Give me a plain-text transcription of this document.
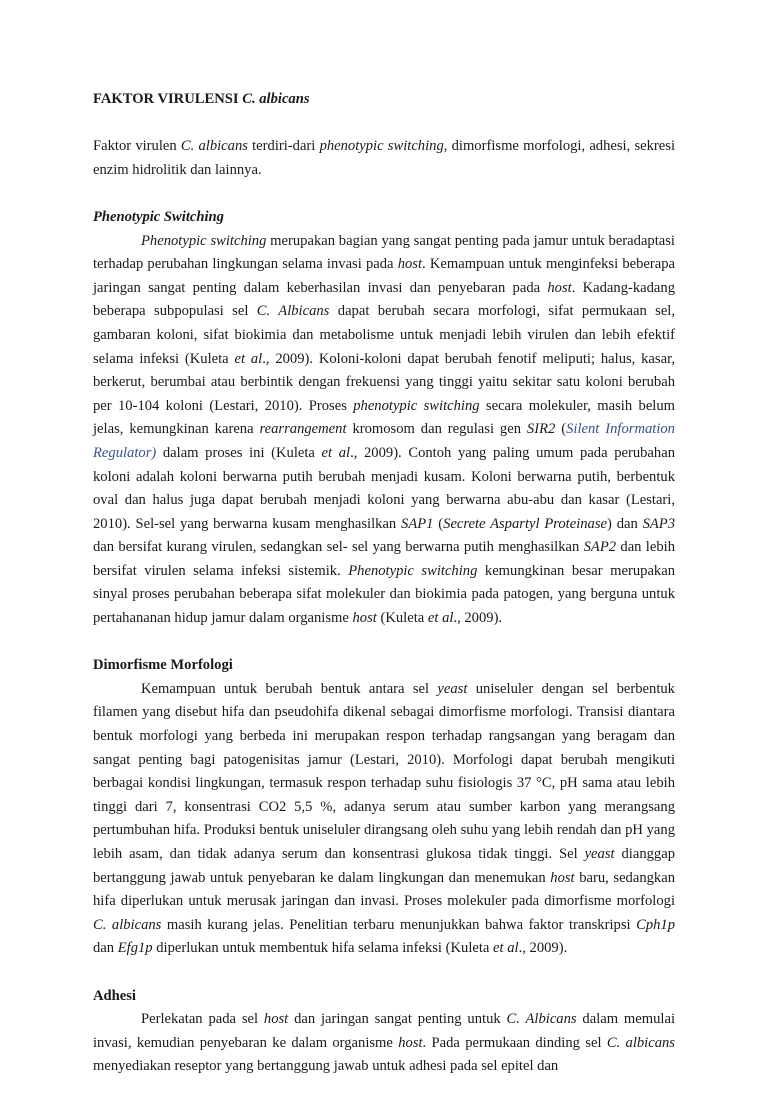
FAKTOR VIRULENSI C. albicans

Faktor virulen C. albicans terdiri-dari phenotypic switching, dimorfisme morfologi, adhesi, sekresi enzim hidrolitik dan lainnya.

Phenotypic Switching

Phenotypic switching merupakan bagian yang sangat penting pada jamur untuk beradaptasi terhadap perubahan lingkungan selama invasi pada host. Kemampuan untuk menginfeksi beberapa jaringan sangat penting dalam keberhasilan invasi dan penyebaran pada host. Kadang-kadang beberapa subpopulasi sel C. Albicans dapat berubah secara morfologi, sifat permukaan sel, gambaran koloni, sifat biokimia dan metabolisme untuk menjadi lebih virulen dan lebih efektif selama infeksi (Kuleta et al., 2009). Koloni-koloni dapat berubah fenotif meliputi; halus, kasar, berkerut, berumbai atau berbintik dengan frekuensi yang tinggi yaitu sekitar satu koloni berubah per 10-104 koloni (Lestari, 2010). Proses phenotypic switching secara molekuler, masih belum jelas, kemungkinan karena rearrangement kromosom dan regulasi gen SIR2 (Silent Information Regulator) dalam proses ini (Kuleta et al., 2009). Contoh yang paling umum pada perubahan koloni adalah koloni berwarna putih berubah menjadi kusam. Koloni berwarna putih, berbentuk oval dan halus juga dapat berubah menjadi koloni yang berwarna abu-abu dan kasar (Lestari, 2010). Sel-sel yang berwarna kusam menghasilkan SAP1 (Secrete Aspartyl Proteinase) dan SAP3 dan bersifat kurang virulen, sedangkan sel- sel yang berwarna putih menghasilkan SAP2 dan lebih bersifat virulen selama infeksi sistemik. Phenotypic switching kemungkinan besar merupakan sinyal proses perubahan beberapa sifat molekuler dan biokimia pada patogen, yang berguna untuk pertahananan hidup jamur dalam organisme host (Kuleta et al., 2009).

Dimorfisme Morfologi

Kemampuan untuk berubah bentuk antara sel yeast uniseluler dengan sel berbentuk filamen yang disebut hifa dan pseudohifa dikenal sebagai dimorfisme morfologi. Transisi diantara bentuk morfologi yang berbeda ini merupakan respon terhadap rangsangan yang beragam dan sangat penting bagi patogenisitas jamur (Lestari, 2010). Morfologi dapat berubah mengikuti berbagai kondisi lingkungan, termasuk respon terhadap suhu fisiologis 37 °C, pH sama atau lebih tinggi dari 7, konsentrasi CO2 5,5 %, adanya serum atau sumber karbon yang merangsang pertumbuhan hifa. Produksi bentuk uniseluler dirangsang oleh suhu yang lebih rendah dan pH yang lebih asam, dan tidak adanya serum dan konsentrasi glukosa tidak tinggi. Sel yeast dianggap bertanggung jawab untuk penyebaran ke dalam lingkungan dan menemukan host baru, sedangkan hifa diperlukan untuk merusak jaringan dan invasi. Proses molekuler pada dimorfisme morfologi C. albicans masih kurang jelas. Penelitian terbaru menunjukkan bahwa faktor transkripsi Cph1p dan Efg1p diperlukan untuk membentuk hifa selama infeksi (Kuleta et al., 2009).

Adhesi

Perlekatan pada sel host dan jaringan sangat penting untuk C. Albicans dalam memulai invasi, kemudian penyebaran ke dalam organisme host. Pada permukaan dinding sel C. albicans menyediakan reseptor yang bertanggung jawab untuk adhesi pada sel epitel dan
